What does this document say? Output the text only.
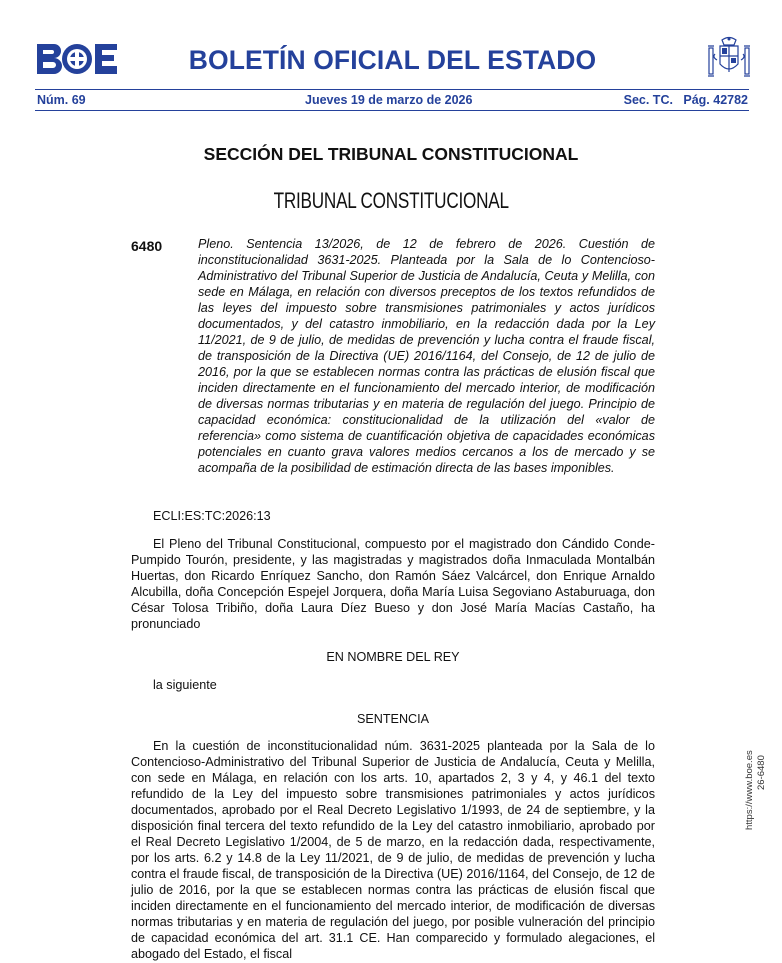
BOE
BOLETÍN OFICIAL DEL ESTADO
Núm. 69	Jueves 19 de marzo de 2026	Sec. TC.   Pág. 42782
SECCIÓN DEL TRIBUNAL CONSTITUCIONAL
TRIBUNAL CONSTITUCIONAL
6480	Pleno. Sentencia 13/2026, de 12 de febrero de 2026. Cuestión de inconstitucionalidad 3631-2025. Planteada por la Sala de lo Contencioso-Administrativo del Tribunal Superior de Justicia de Andalucía, Ceuta y Melilla, con sede en Málaga, en relación con diversos preceptos de los textos refundidos de las leyes del impuesto sobre transmisiones patrimoniales y actos jurídicos documentados, y del catastro inmobiliario, en la redacción dada por la Ley 11/2021, de 9 de julio, de medidas de prevención y lucha contra el fraude fiscal, de transposición de la Directiva (UE) 2016/1164, del Consejo, de 12 de julio de 2016, por la que se establecen normas contra las prácticas de elusión fiscal que inciden directamente en el funcionamiento del mercado interior, de modificación de diversas normas tributarias y en materia de regulación del juego. Principio de capacidad económica: constitucionalidad de la utilización del «valor de referencia» como sistema de cuantificación objetiva de capacidades económicas potenciales en cuanto grava valores medios cercanos a los de mercado y se acompaña de la posibilidad de estimación directa de las bases imponibles.

ECLI:ES:TC:2026:13

El Pleno del Tribunal Constitucional, compuesto por el magistrado don Cándido Conde-Pumpido Tourón, presidente, y las magistradas y magistrados doña Inmaculada Montalbán Huertas, don Ricardo Enríquez Sancho, don Ramón Sáez Valcárcel, don Enrique Arnaldo Alcubilla, doña Concepción Espejel Jorquera, doña María Luisa Segoviano Astaburuaga, don César Tolosa Tribiño, doña Laura Díez Bueso y don José María Macías Castaño, ha pronunciado

EN NOMBRE DEL REY

la siguiente

SENTENCIA

En la cuestión de inconstitucionalidad núm. 3631-2025 planteada por la Sala de lo Contencioso-Administrativo del Tribunal Superior de Justicia de Andalucía, Ceuta y Melilla, con sede en Málaga, en relación con los arts. 10, apartados 2, 3 y 4, y 46.1 del texto refundido de la Ley del impuesto sobre transmisiones patrimoniales y actos jurídicos documentados, aprobado por el Real Decreto Legislativo 1/1993, de 24 de septiembre, y la disposición final tercera del texto refundido de la Ley del catastro inmobiliario, aprobado por el Real Decreto Legislativo 1/2004, de 5 de marzo, en la redacción dada, respectivamente, por los arts. 6.2 y 14.8 de la Ley 11/2021, de 9 de julio, de medidas de prevención y lucha contra el fraude fiscal, de transposición de la Directiva (UE) 2016/1164, del Consejo, de 12 de julio de 2016, por la que se establecen normas contra las prácticas de elusión fiscal que inciden directamente en el funcionamiento del mercado interior, de modificación de diversas normas tributarias y en materia de regulación del juego, por posible vulneración del principio de capacidad económica del art. 31.1 CE. Han comparecido y formulado alegaciones, el abogado del Estado, el fiscal

https://www.boe.es 26-6480
